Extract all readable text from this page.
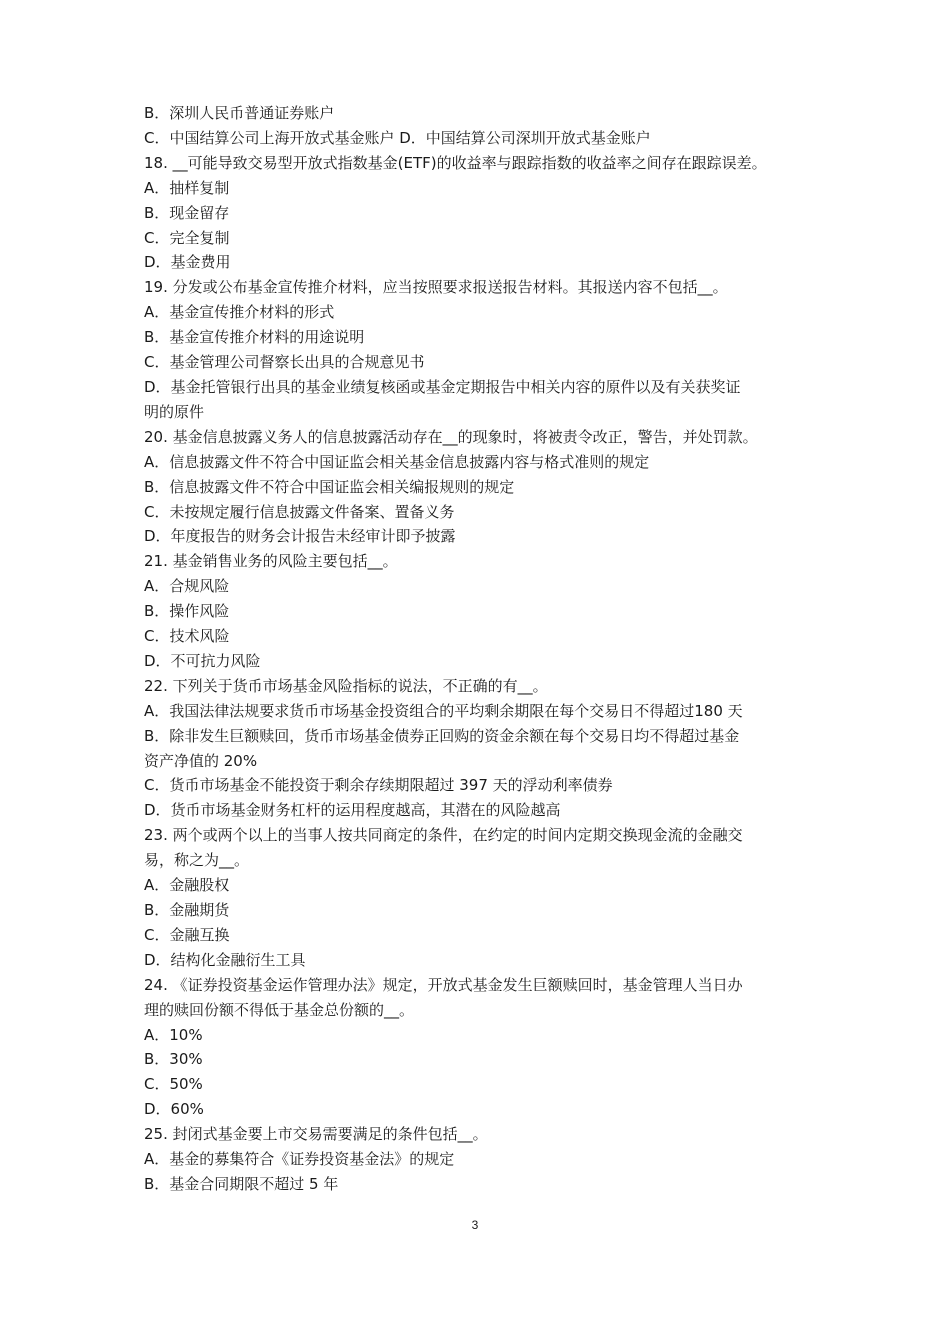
B．深圳人民币普通证券账户
C．中国结算公司上海开放式基金账户 D．中国结算公司深圳开放式基金账户
18. __可能导致交易型开放式指数基金(ETF)的收益率与跟踪指数的收益率之间存在跟踪误差。
A．抽样复制
B．现金留存
C．完全复制
D．基金费用
19. 分发或公布基金宣传推介材料，应当按照要求报送报告材料。其报送内容不包括__。
A．基金宣传推介材料的形式
B．基金宣传推介材料的用途说明
C．基金管理公司督察长出具的合规意见书
D．基金托管银行出具的基金业绩复核函或基金定期报告中相关内容的原件以及有关获奖证
明的原件
20. 基金信息披露义务人的信息披露活动存在__的现象时，将被责令改正，警告，并处罚款。
A．信息披露文件不符合中国证监会相关基金信息披露内容与格式准则的规定
B．信息披露文件不符合中国证监会相关编报规则的规定
C．未按规定履行信息披露文件备案、置备义务
D．年度报告的财务会计报告未经审计即予披露
21. 基金销售业务的风险主要包括__。
A．合规风险
B．操作风险
C．技术风险
D．不可抗力风险
22. 下列关于货币市场基金风险指标的说法，不正确的有__。
A．我国法律法规要求货币市场基金投资组合的平均剩余期限在每个交易日不得超过180 天
B．除非发生巨额赎回，货币市场基金债券正回购的资金余额在每个交易日均不得超过基金
资产净值的 20%
C．货币市场基金不能投资于剩余存续期限超过 397 天的浮动利率债券
D．货币市场基金财务杠杆的运用程度越高，其潜在的风险越高
23. 两个或两个以上的当事人按共同商定的条件，在约定的时间内定期交换现金流的金融交
易，称之为__。
A．金融股权
B．金融期货
C．金融互换
D．结构化金融衍生工具
24. 《证券投资基金运作管理办法》规定，开放式基金发生巨额赎回时，基金管理人当日办
理的赎回份额不得低于基金总份额的__。
A．10%
B．30%
C．50%
D．60%
25. 封闭式基金要上市交易需要满足的条件包括__。
A．基金的募集符合《证券投资基金法》的规定
B．基金合同期限不超过 5 年
3
